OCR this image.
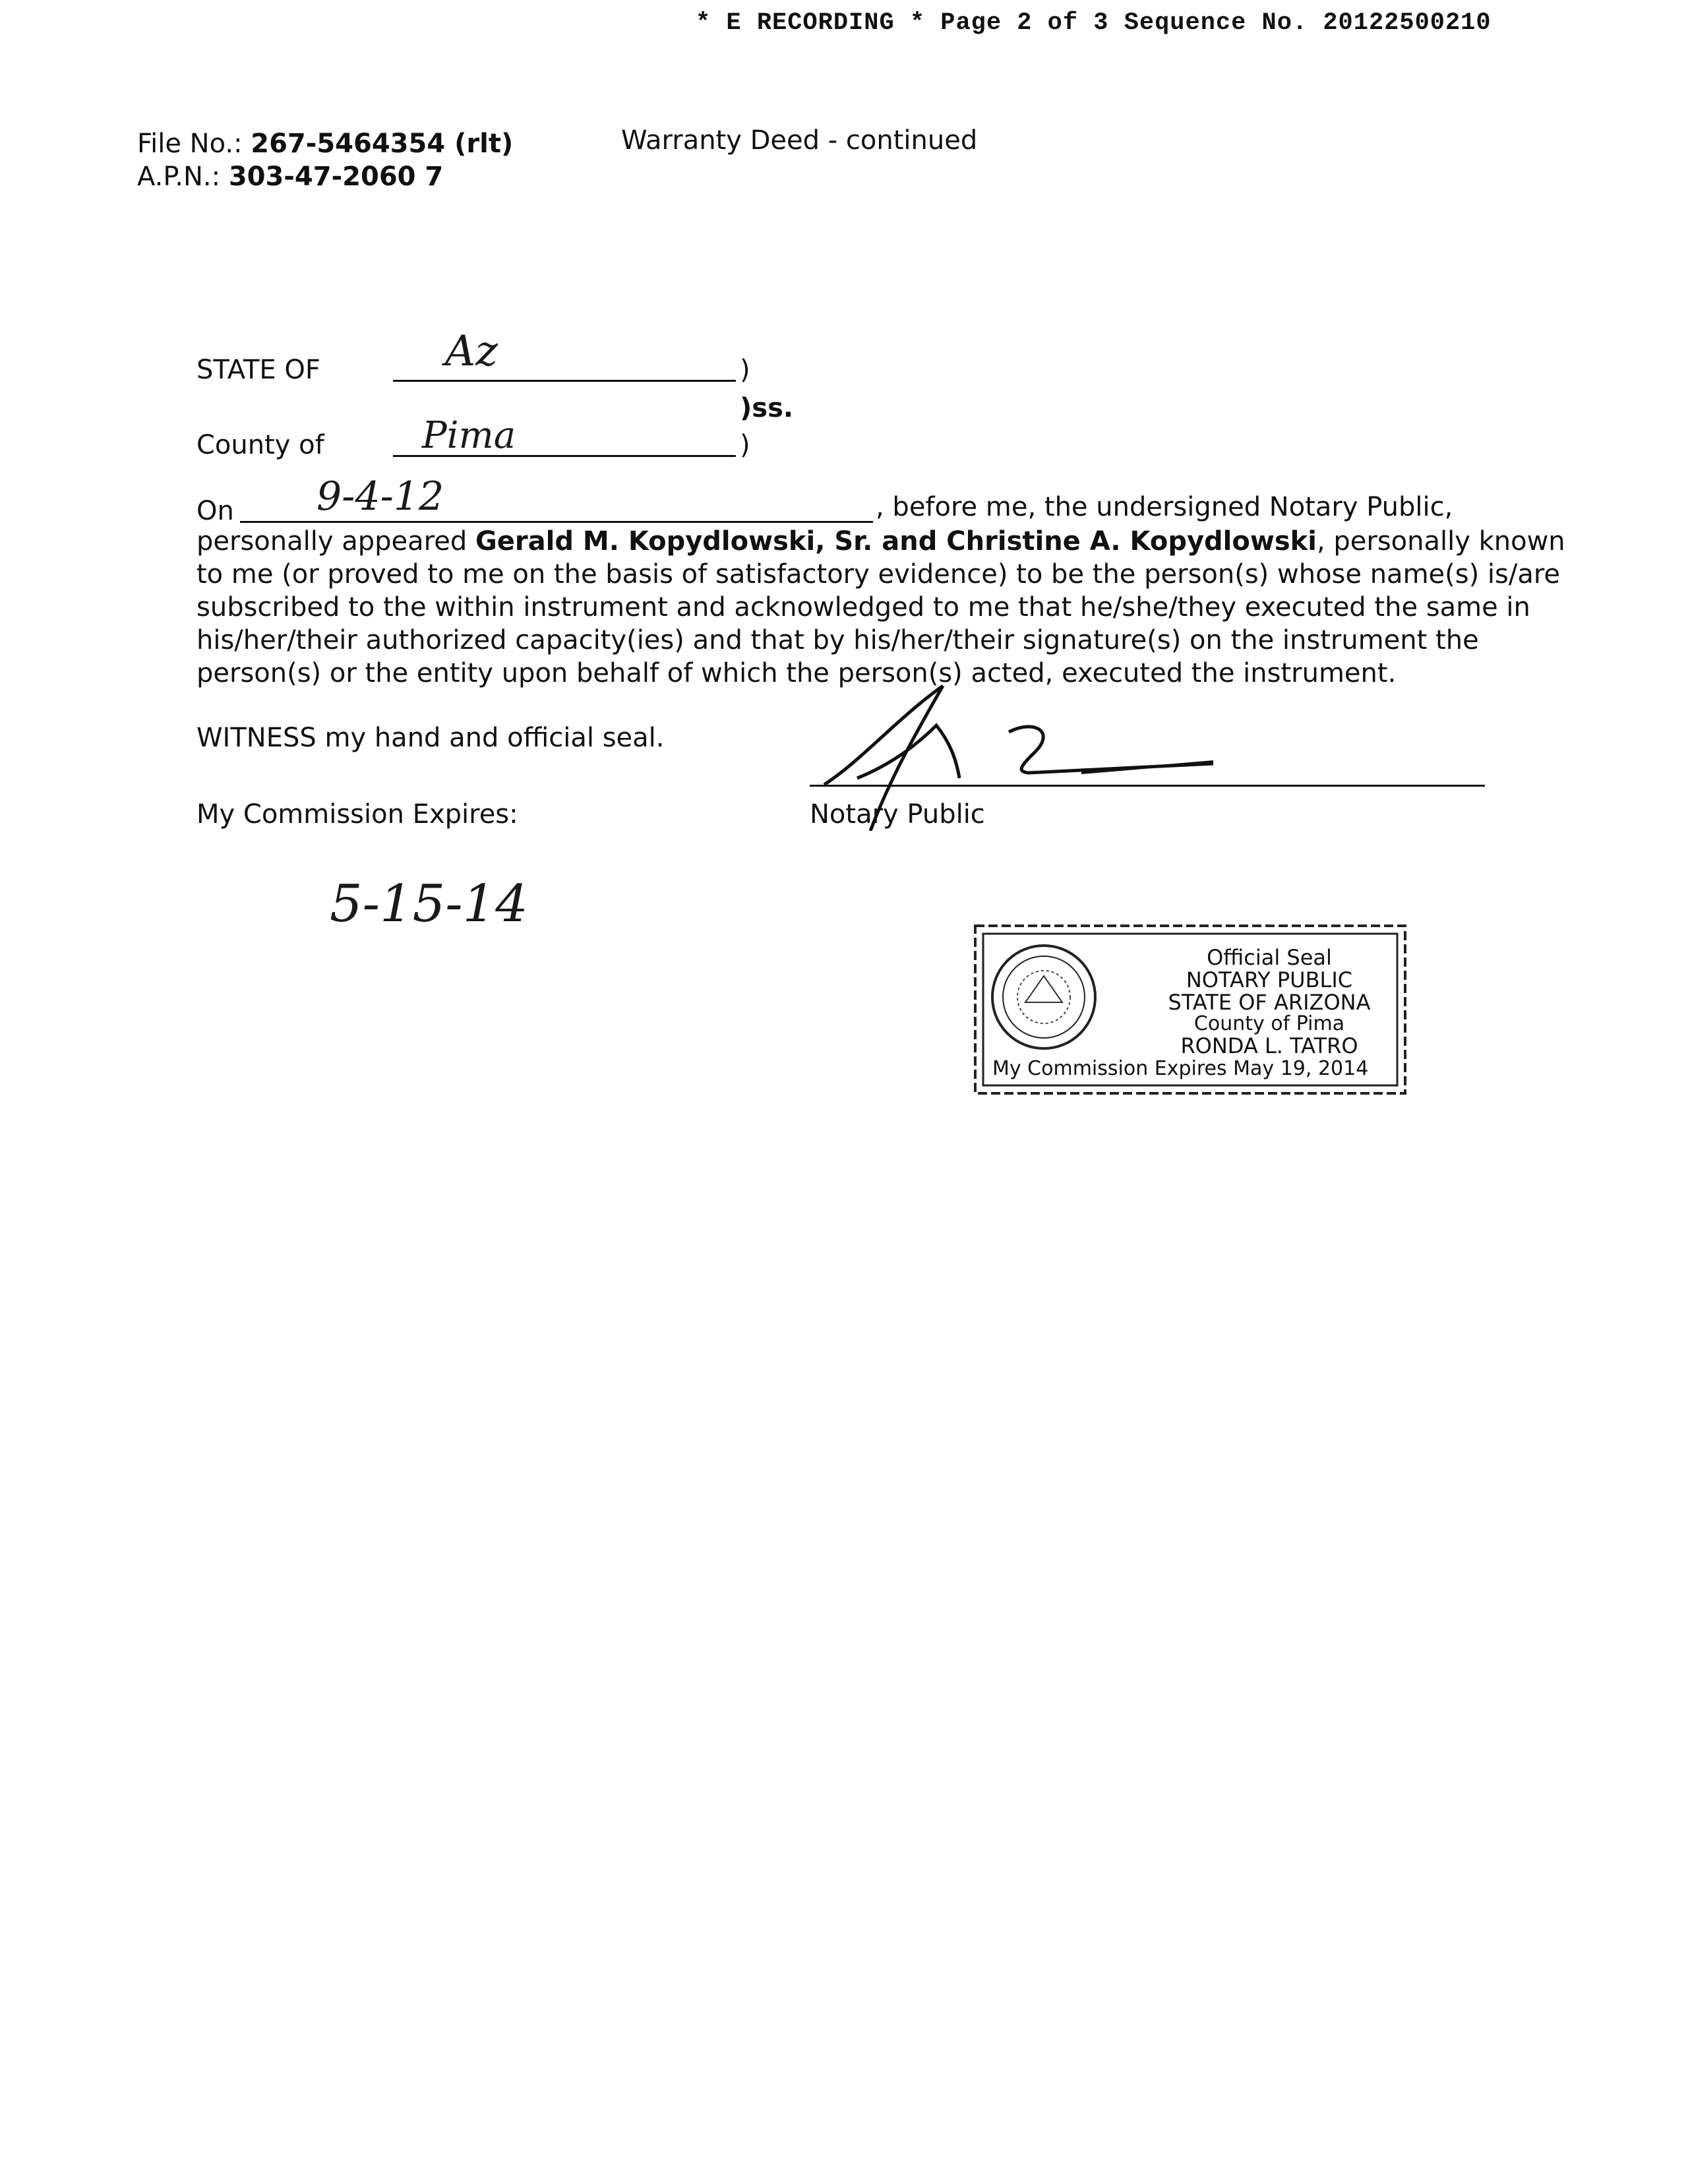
* E RECORDING * Page 2 of 3 Sequence No. 20122500210
File No.: 267-5464354 (rlt)
A.P.N.: 303-47-2060 7
Warranty Deed - continued
STATE OF	Az	)
)ss.
County of	Pima	)
On 9-4-12	, before me, the undersigned Notary Public,

personally appeared Gerald M. Kopydlowski, Sr. and Christine A. Kopydlowski, personally known

to me (or proved to me on the basis of satisfactory evidence) to be the person(s) whose name(s) is/are

subscribed to the within instrument and acknowledged to me that he/she/they executed the same in

his/her/their authorized capacity(ies) and that by his/her/their signature(s) on the instrument the

person(s) or the entity upon behalf of which the person(s) acted, executed the instrument.

WITNESS my hand and official seal.
My Commission Expires:
5-15-14
Notary Public
Official Seal
NOTARY PUBLIC
STATE OF ARIZONA
County of Pima
RONDA L. TATRO
My Commission Expires May 19, 2014
